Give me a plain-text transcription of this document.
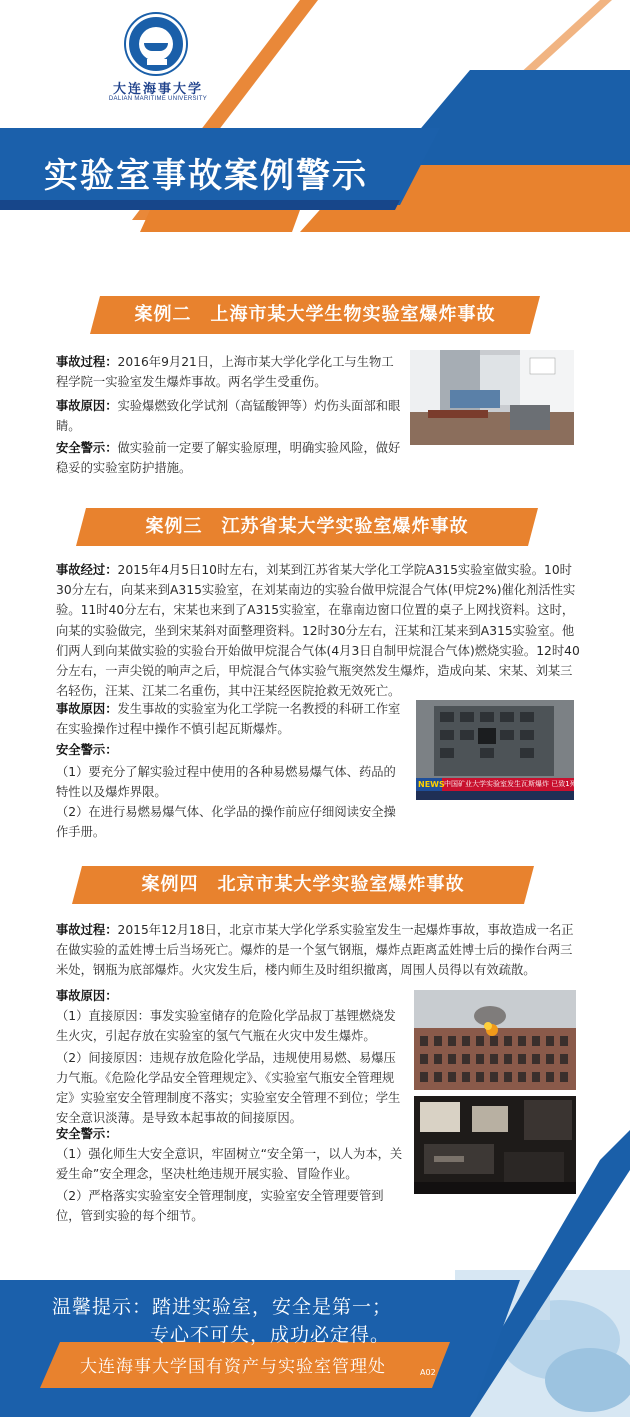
大连海事大学
DALIAN MARITIME UNIVERSITY
实验室事故案例警示
案例二　上海市某大学生物实验室爆炸事故
事故过程：2016年9月21日，上海市某大学化学化工与生物工程学院一实验室发生爆炸事故。两名学生受重伤。
事故原因：实验爆燃致化学试剂（高锰酸钾等）灼伤头面部和眼睛。
安全警示：做实验前一定要了解实验原理，明确实验风险，做好稳妥的实验室防护措施。
案例三　江苏省某大学实验室爆炸事故
事故经过：2015年4月5日10时左右，刘某到江苏省某大学化工学院A315实验室做实验。10时30分左右，向某来到A315实验室，在刘某南边的实验台做甲烷混合气体(甲烷2%)催化剂活性实验。11时40分左右，宋某也来到了A315实验室，在靠南边窗口位置的桌子上网找资料。这时，向某的实验做完，坐到宋某斜对面整理资料。12时30分左右，汪某和江某来到A315实验室。他们两人到向某做实验的实验台开始做甲烷混合气体(4月3日自制甲烷混合气体)燃烧实验。12时40分左右，一声尖锐的响声之后，甲烷混合气体实验气瓶突然发生爆炸，造成向某、宋某、刘某三名轻伤，汪某、江某二名重伤，其中汪某经医院抢救无效死亡。
事故原因：发生事故的实验室为化工学院一名教授的科研工作室在实验操作过程中操作不慎引起瓦斯爆炸。
安全警示：
（1）要充分了解实验过程中使用的各种易燃易爆气体、药品的特性以及爆炸界限。
（2）在进行易燃易爆气体、化学品的操作前应仔细阅读安全操作手册。
NEWS 中国矿业大学实验室发生瓦斯爆炸 已致1死5伤
案例四　北京市某大学实验室爆炸事故
事故过程：2015年12月18日，北京市某大学化学系实验室发生一起爆炸事故，事故造成一名正在做实验的孟姓博士后当场死亡。爆炸的是一个氢气钢瓶，爆炸点距离孟姓博士后的操作台两三米处，钢瓶为底部爆炸。火灾发生后，楼内师生及时组织撤离，周围人员得以有效疏散。
事故原因：
（1）直接原因：事发实验室储存的危险化学品叔丁基锂燃烧发生火灾，引起存放在实验室的氢气气瓶在火灾中发生爆炸。
（2）间接原因：违规存放危险化学品，违规使用易燃、易爆压力气瓶。《危险化学品安全管理规定》、《实验室气瓶安全管理规定》实验室安全管理制度不落实；实验室安全管理不到位；学生安全意识淡薄。是导致本起事故的间接原因。
安全警示：
（1）强化师生大安全意识，牢固树立“安全第一，以人为本，关爱生命”安全理念，坚决杜绝违规开展实验、冒险作业。
（2）严格落实实验室安全管理制度，实验室安全管理要管到位，管到实验的每个细节。
温馨提示：踏进实验室，安全是第一；
专心不可失，成功必定得。
大连海事大学国有资产与实验室管理处	A02
